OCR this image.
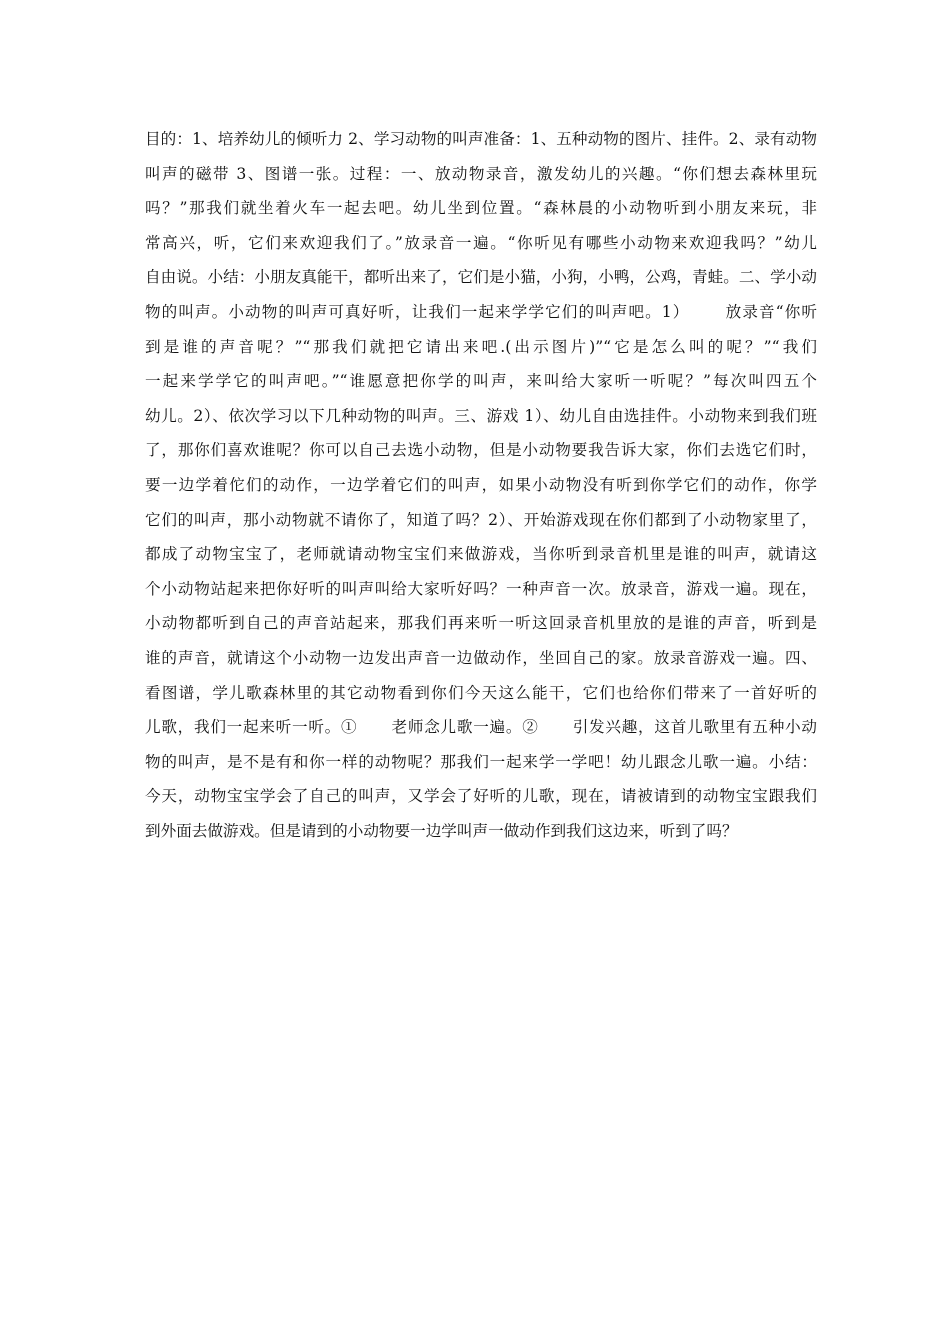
目的：1、培养幼儿的倾听力 2、学习动物的叫声准备：1、五种动物的图片、挂件。2、录有动物
叫声的磁带 3、图谱一张。过程：一、放动物录音，激发幼儿的兴趣。“你们想去森林里玩
吗？”那我们就坐着火车一起去吧。幼儿坐到位置。“森林晨的小动物听到小朋友来玩，非
常高兴，听，它们来欢迎我们了。”放录音一遍。“你听见有哪些小动物来欢迎我吗？”幼儿
自由说。小结：小朋友真能干，都听出来了，它们是小猫，小狗，小鸭，公鸡，青蛙。二、学小动
物的叫声。小动物的叫声可真好听，让我们一起来学学它们的叫声吧。1）      放录音“你听
到是谁的声音呢？”“那我们就把它请出来吧.(出示图片)”“它是怎么叫的呢？”“我们
一起来学学它的叫声吧。”“谁愿意把你学的叫声，来叫给大家听一听呢？”每次叫四五个
幼儿。2）、依次学习以下几种动物的叫声。三、游戏 1）、幼儿自由选挂件。小动物来到我们班
了，那你们喜欢谁呢？你可以自己去选小动物，但是小动物要我告诉大家，你们去选它们时，
要一边学着佗们的动作，一边学着它们的叫声，如果小动物没有听到你学它们的动作，你学
它们的叫声，那小动物就不请你了，知道了吗？2）、开始游戏现在你们都到了小动物家里了，
都成了动物宝宝了，老师就请动物宝宝们来做游戏，当你听到录音机里是谁的叫声，就请这
个小动物站起来把你好听的叫声叫给大家听好吗？一种声音一次。放录音，游戏一遍。现在，
小动物都听到自己的声音站起来，那我们再来听一听这回录音机里放的是谁的声音，听到是
谁的声音，就请这个小动物一边发出声音一边做动作，坐回自己的家。放录音游戏一遍。四、
看图谱，学儿歌森林里的其它动物看到你们今天这么能干，它们也给你们带来了一首好听的
儿歌，我们一起来听一听。①      老师念儿歌一遍。②      引发兴趣，这首儿歌里有五种小动
物的叫声，是不是有和你一样的动物呢？那我们一起来学一学吧！幼儿跟念儿歌一遍。小结：
今天，动物宝宝学会了自己的叫声，又学会了好听的儿歌，现在，请被请到的动物宝宝跟我们
到外面去做游戏。但是请到的小动物要一边学叫声一做动作到我们这边来，听到了吗？
